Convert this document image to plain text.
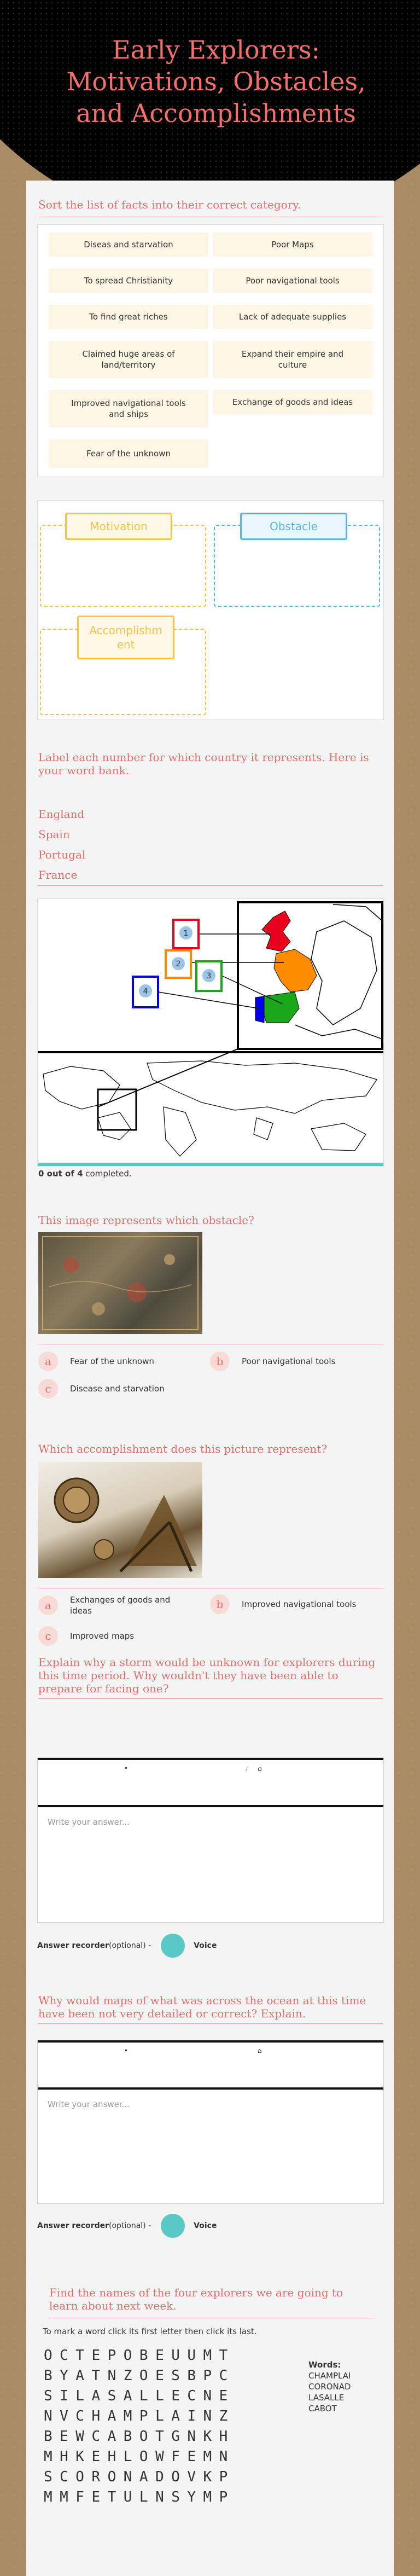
Early Explorers:
Motivations, Obstacles,
and Accomplishments
Sort the list of facts into their correct category.
Diseas and starvation	Poor Maps
To spread Christianity	Poor navigational tools
To find great riches	Lack of adequate supplies
Claimed huge areas of land/territory
Expand their empire and culture
Improved navigational tools and ships
Exchange of goods and ideas
Fear of the unknown
Motivation	Obstacle
Accomplishm ent
Label each number for which country it represents. Here is your word bank.
England
Spain
Portugal
France
1
2
3
4
0 out of 4 completed.
This image represents which obstacle?
a	Fear of the unknown	b	Poor navigational tools
c	Disease and starvation
Which accomplishment does this picture represent?
a	Exchanges of goods and ideas	b	Improved navigational tools
c	Improved maps
Explain why a storm would be unknown for explorers during this time period. Why wouldn't they have been able to prepare for facing one?
•	/ ⌂
Write your answer...
Answer recorder (optional) -	Voice
Why would maps of what was across the ocean at this time have been not very detailed or correct? Explain.
•	⌂
Write your answer...
Answer recorder (optional) -	Voice
Find the names of the four explorers we are going to learn about next week.
To mark a word click its first letter then click its last.
OCTEPOBEUUMT
BYATNZOESBPC
SILASALLECNE
NVCHAMPLAINZ
BEWCABOTGNKH
MHKEHLOWFEMN
SCORONADOVKP
MMFETULNSYMP
Words:
CHAMPLAI
CORONAD
LASALLE
CABOT
